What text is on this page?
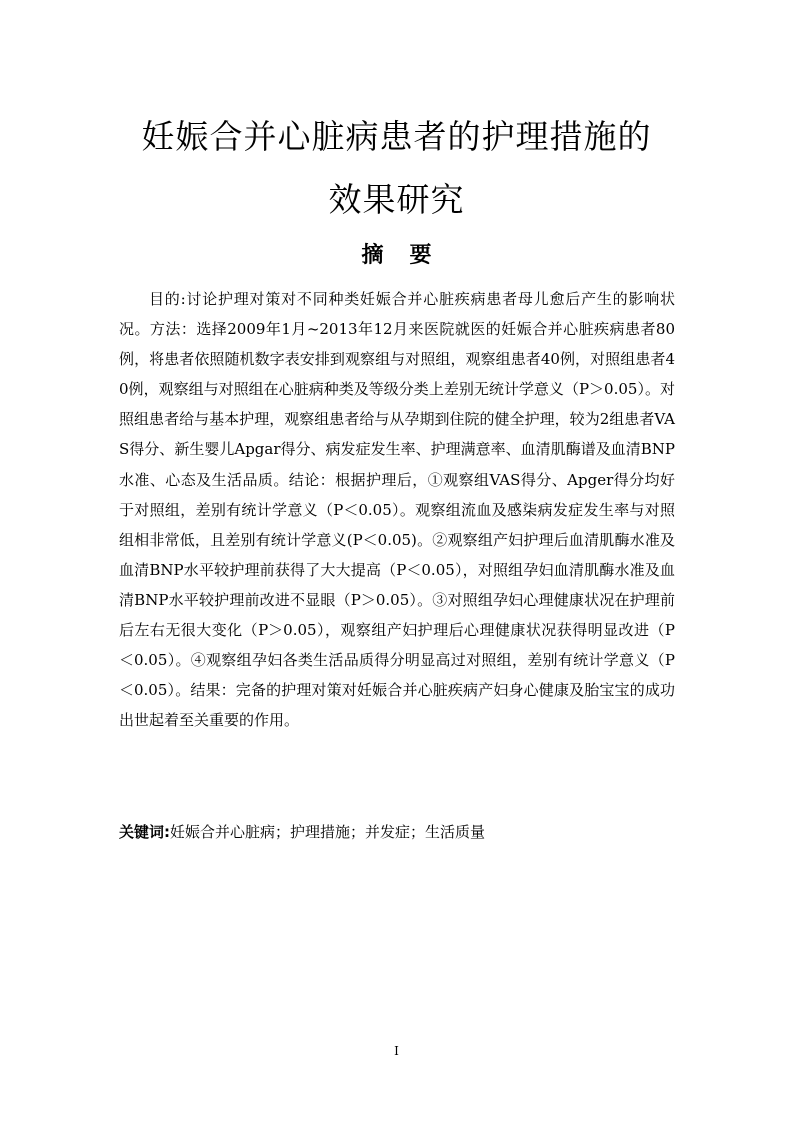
妊娠合并心脏病患者的护理措施的
效果研究
摘要

目的:讨论护理对策对不同种类妊娠合并心脏疾病患者母儿愈后产生的影响状况。方法：选择2009年1月~2013年12月来医院就医的妊娠合并心脏疾病患者80例，将患者依照随机数字表安排到观察组与对照组，观察组患者40例，对照组患者40例，观察组与对照组在心脏病种类及等级分类上差别无统计学意义（P＞0.05）。对照组患者给与基本护理，观察组患者给与从孕期到住院的健全护理，较为2组患者VAS得分、新生婴儿Apgar得分、病发症发生率、护理满意率、血清肌酶谱及血清BNP水准、心态及生活品质。结论：根据护理后，①观察组VAS得分、Apger得分均好于对照组，差别有统计学意义（P＜0.05）。观察组流血及感柒病发症发生率与对照组相非常低，且差别有统计学意义(P＜0.05)。②观察组产妇护理后血清肌酶水准及血清BNP水平较护理前获得了大大提高（P＜0.05），对照组孕妇血清肌酶水准及血清BNP水平较护理前改进不显眼（P＞0.05）。③对照组孕妇心理健康状况在护理前后左右无很大变化（P＞0.05），观察组产妇护理后心理健康状况获得明显改进（P＜0.05）。④观察组孕妇各类生活品质得分明显高过对照组，差别有统计学意义（P＜0.05）。结果：完备的护理对策对妊娠合并心脏疾病产妇身心健康及胎宝宝的成功出世起着至关重要的作用。

关键词:妊娠合并心脏病；护理措施；并发症；生活质量

I
